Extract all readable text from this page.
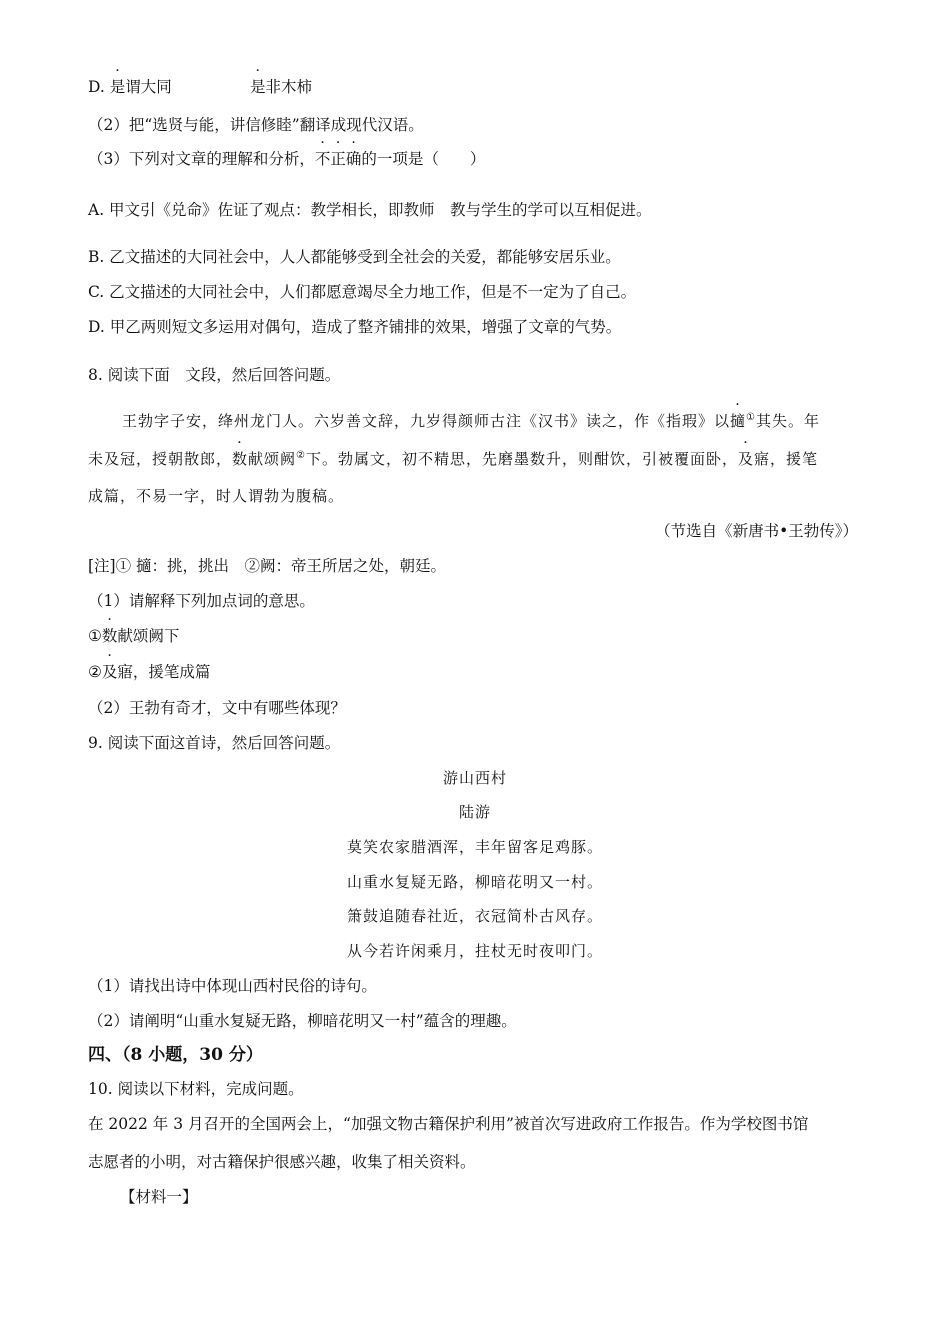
D. 是谓大同	是非木柿
（2）把“选贤与能，讲信修睦”翻译成现代汉语。
（3）下列对文章的理解和分析，不正确的一项是（　　）
A. 甲文引《兑命》佐证了观点：教学相长，即教师　教与学生的学可以互相促进。
B. 乙文描述的大同社会中，人人都能够受到全社会的关爱，都能够安居乐业。
C. 乙文描述的大同社会中，人们都愿意竭尽全力地工作，但是不一定为了自己。
D. 甲乙两则短文多运用对偶句，造成了整齐铺排的效果，增强了文章的气势。
8. 阅读下面　文段，然后回答问题。
王勃字子安，绛州龙门人。六岁善文辞，九岁得颜师古注《汉书》读之，作《指瑕》以擿①其失。年
未及冠，授朝散郎，数献颂阙②下。勃属文，初不精思，先磨墨数升，则酣饮，引被覆面卧，及寤，援笔
成篇，不易一字，时人谓勃为腹稿。
（节选自《新唐书•王勃传》）
[注]① 擿：挑，挑出　②阙：帝王所居之处，朝廷。
（1）请解释下列加点词的意思。
①数献颂阙下
②及寤，援笔成篇
（2）王勃有奇才，文中有哪些体现？
9. 阅读下面这首诗，然后回答问题。
游山西村
陆游
莫笑农家腊酒浑，丰年留客足鸡豚。
山重水复疑无路，柳暗花明又一村。
箫鼓追随春社近，衣冠简朴古风存。
从今若许闲乘月，拄杖无时夜叩门。
（1）请找出诗中体现山西村民俗的诗句。
（2）请阐明“山重水复疑无路，柳暗花明又一村”蕴含的理趣。
四、（8 小题，30 分）
10. 阅读以下材料，完成问题。
在 2022 年 3 月召开的全国两会上，“加强文物古籍保护利用”被首次写进政府工作报告。作为学校图书馆
志愿者的小明，对古籍保护很感兴趣，收集了相关资料。
【材料一】
